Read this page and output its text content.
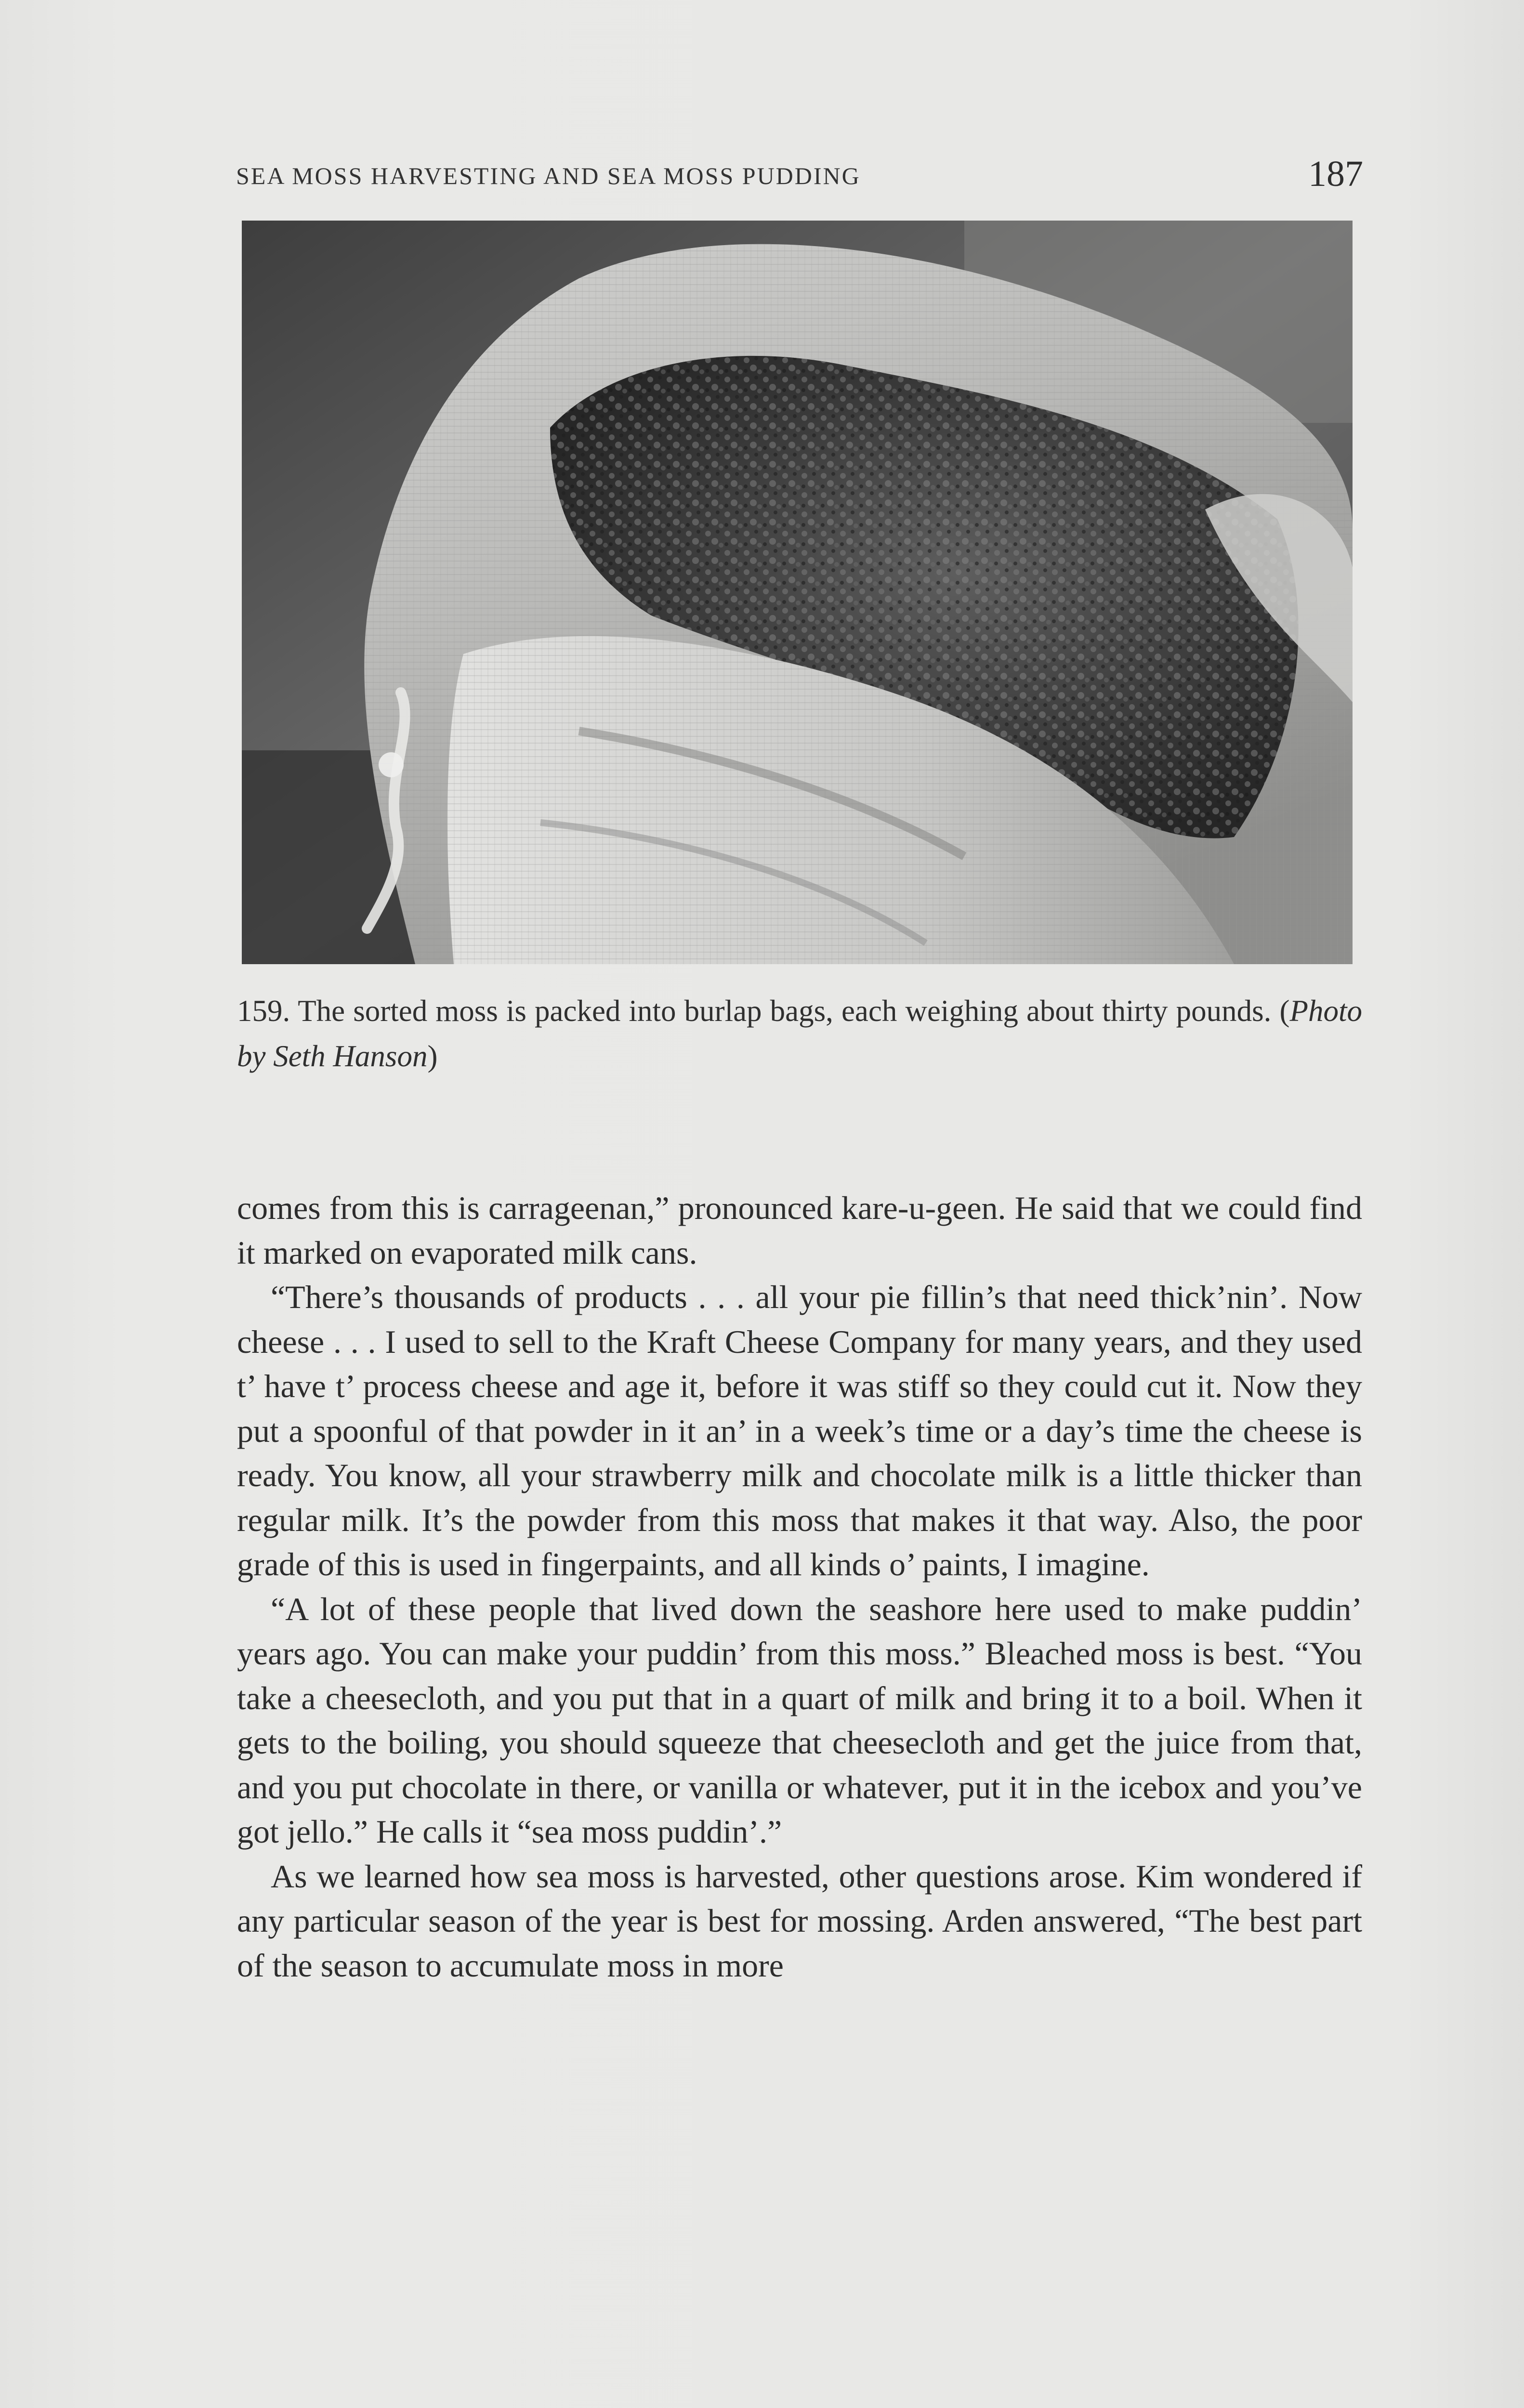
SEA MOSS HARVESTING AND SEA MOSS PUDDING	187
159. The sorted moss is packed into burlap bags, each weighing about thirty pounds. (Photo by Seth Hanson)

comes from this is carrageenan,” pronounced kare-u-geen. He said that we could find it marked on evaporated milk cans.

“There’s thousands of products . . . all your pie fillin’s that need thick’nin’. Now cheese . . . I used to sell to the Kraft Cheese Company for many years, and they used t’ have t’ process cheese and age it, before it was stiff so they could cut it. Now they put a spoonful of that powder in it an’ in a week’s time or a day’s time the cheese is ready. You know, all your strawberry milk and chocolate milk is a little thicker than regular milk. It’s the powder from this moss that makes it that way. Also, the poor grade of this is used in fingerpaints, and all kinds o’ paints, I imagine.

“A lot of these people that lived down the seashore here used to make puddin’ years ago. You can make your puddin’ from this moss.” Bleached moss is best. “You take a cheesecloth, and you put that in a quart of milk and bring it to a boil. When it gets to the boiling, you should squeeze that cheesecloth and get the juice from that, and you put chocolate in there, or vanilla or whatever, put it in the icebox and you’ve got jello.” He calls it “sea moss puddin’.”

As we learned how sea moss is harvested, other questions arose. Kim wondered if any particular season of the year is best for mossing. Arden answered, “The best part of the season to accumulate moss in more
